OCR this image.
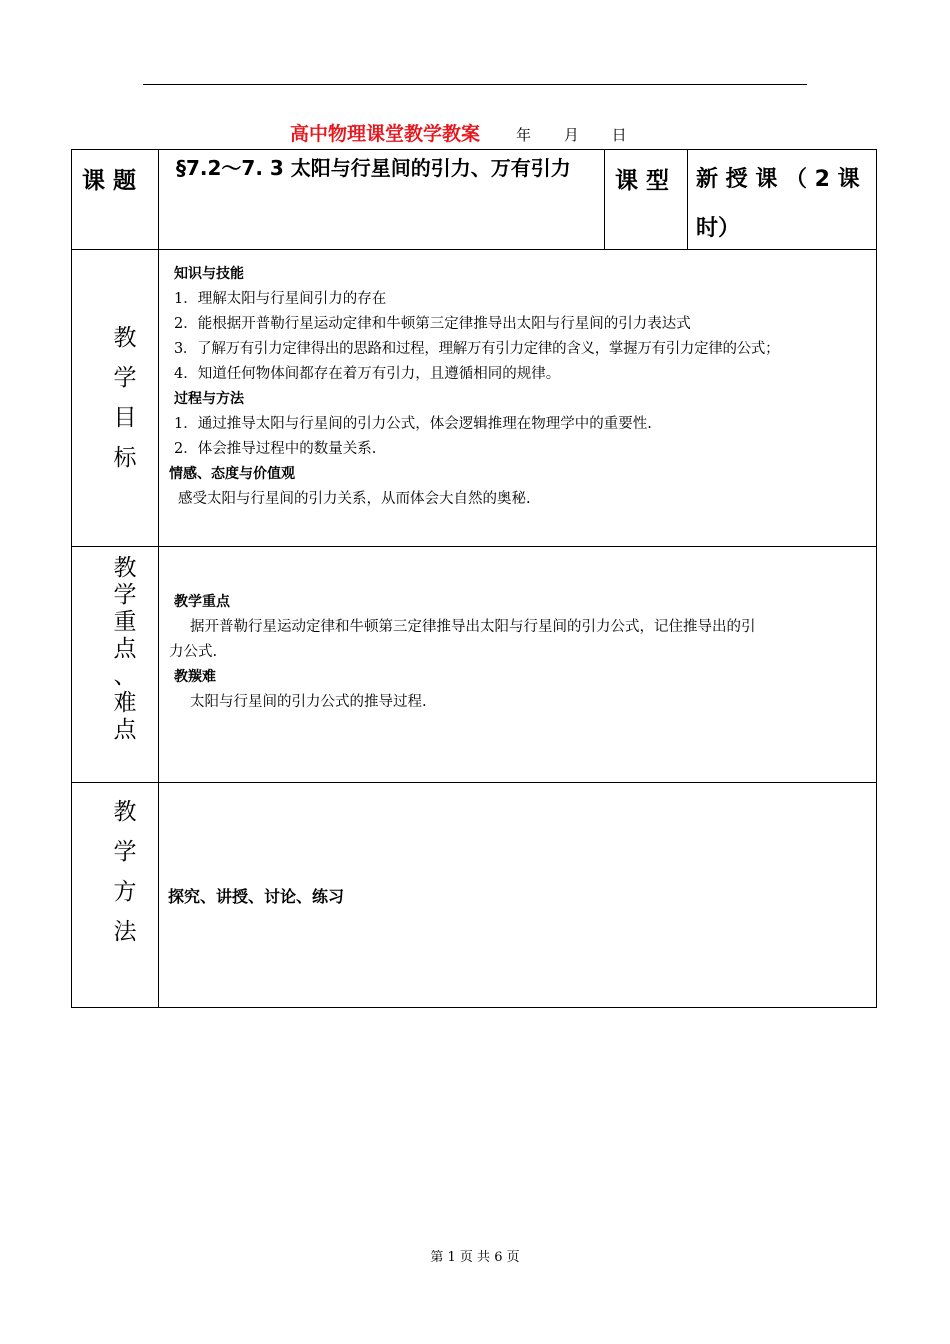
高中物理课堂教学教案 年 月 日
课 题 §7.2～7. 3 太阳与行星间的引力、万有引力 课 型 新 授 课 （ 2 课
时）
教
学
目
标
知识与技能
1．理解太阳与行星间引力的存在
2．能根据开普勒行星运动定律和牛顿第三定律推导出太阳与行星间的引力表达式
3．了解万有引力定律得出的思路和过程，理解万有引力定律的含义，掌握万有引力定律的公式；
4．知道任何物体间都存在着万有引力，且遵循相同的规律。
过程与方法
1．通过推导太阳与行星间的引力公式，体会逻辑推理在物理学中的重要性.
2．体会推导过程中的数量关系.
情感、态度与价值观
感受太阳与行星间的引力关系，从而体会大自然的奥秘.
教
学
重
点
、
难
点
教学重点
据开普勒行星运动定律和牛顿第三定律推导出太阳与行星间的引力公式，记住推导出的引
力公式.
教羰难
太阳与行星间的引力公式的推导过程.
教
学
方
法
探究、讲授、讨论、练习
第 1 页 共 6 页
